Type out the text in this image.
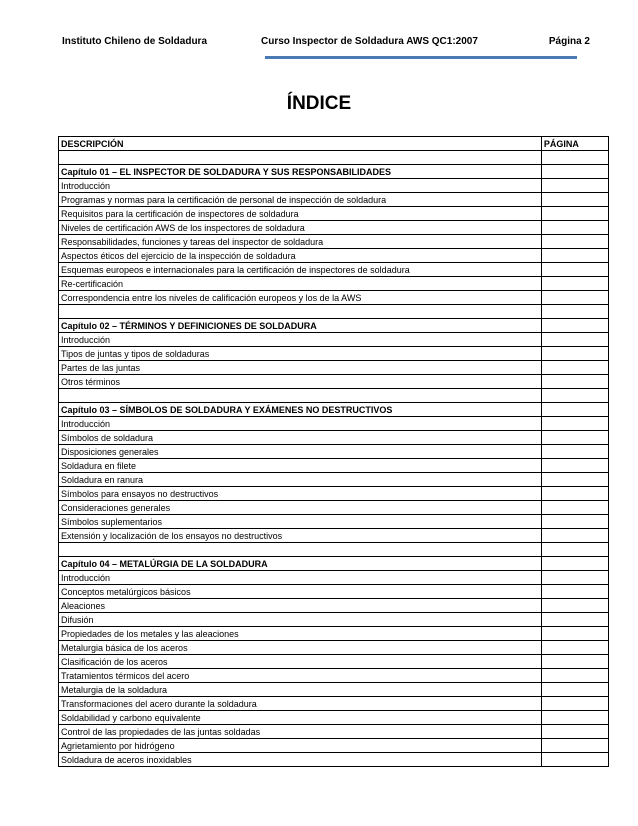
Instituto Chileno de Soldadura	Curso Inspector de Soldadura AWS QC1:2007	Página 2
ÍNDICE
DESCRIPCIÓN	PÁGINA

Capítulo 01 – EL INSPECTOR DE SOLDADURA Y SUS RESPONSABILIDADES	
Introducción	
Programas y normas para la certificación de personal de inspección de soldadura	
Requisitos para la certificación de inspectores de soldadura	
Niveles de certificación AWS de los inspectores de soldadura	
Responsabilidades, funciones y tareas del inspector de soldadura	
Aspectos éticos del ejercicio de la inspección de soldadura	
Esquemas europeos e internacionales para la certificación de inspectores de soldadura	
Re-certificación	
Correspondencia entre los niveles de calificación europeos y los de la AWS	

Capítulo 02 – TÉRMINOS Y DEFINICIONES DE SOLDADURA	
Introducción	
Tipos de juntas y tipos de soldaduras	
Partes de las juntas	
Otros términos	

Capítulo 03 – SÍMBOLOS DE SOLDADURA Y EXÁMENES NO DESTRUCTIVOS	
Introducción	
Símbolos de soldadura	
Disposiciones generales	
Soldadura en filete	
Soldadura en ranura	
Símbolos para ensayos no destructivos	
Consideraciones generales	
Símbolos suplementarios	
Extensión y localización de los ensayos no destructivos	

Capítulo 04 – METALÚRGIA DE LA SOLDADURA	
Introducción	
Conceptos metalúrgicos básicos	
Aleaciones	
Difusión	
Propiedades de los metales y las aleaciones	
Metalurgia básica de los aceros	
Clasificación de los aceros	
Tratamientos térmicos del acero	
Metalurgia de la soldadura	
Transformaciones del acero durante la soldadura	
Soldabilidad y carbono equivalente	
Control de las propiedades de las juntas soldadas	
Agrietamiento por hidrógeno	
Soldadura de aceros inoxidables	
